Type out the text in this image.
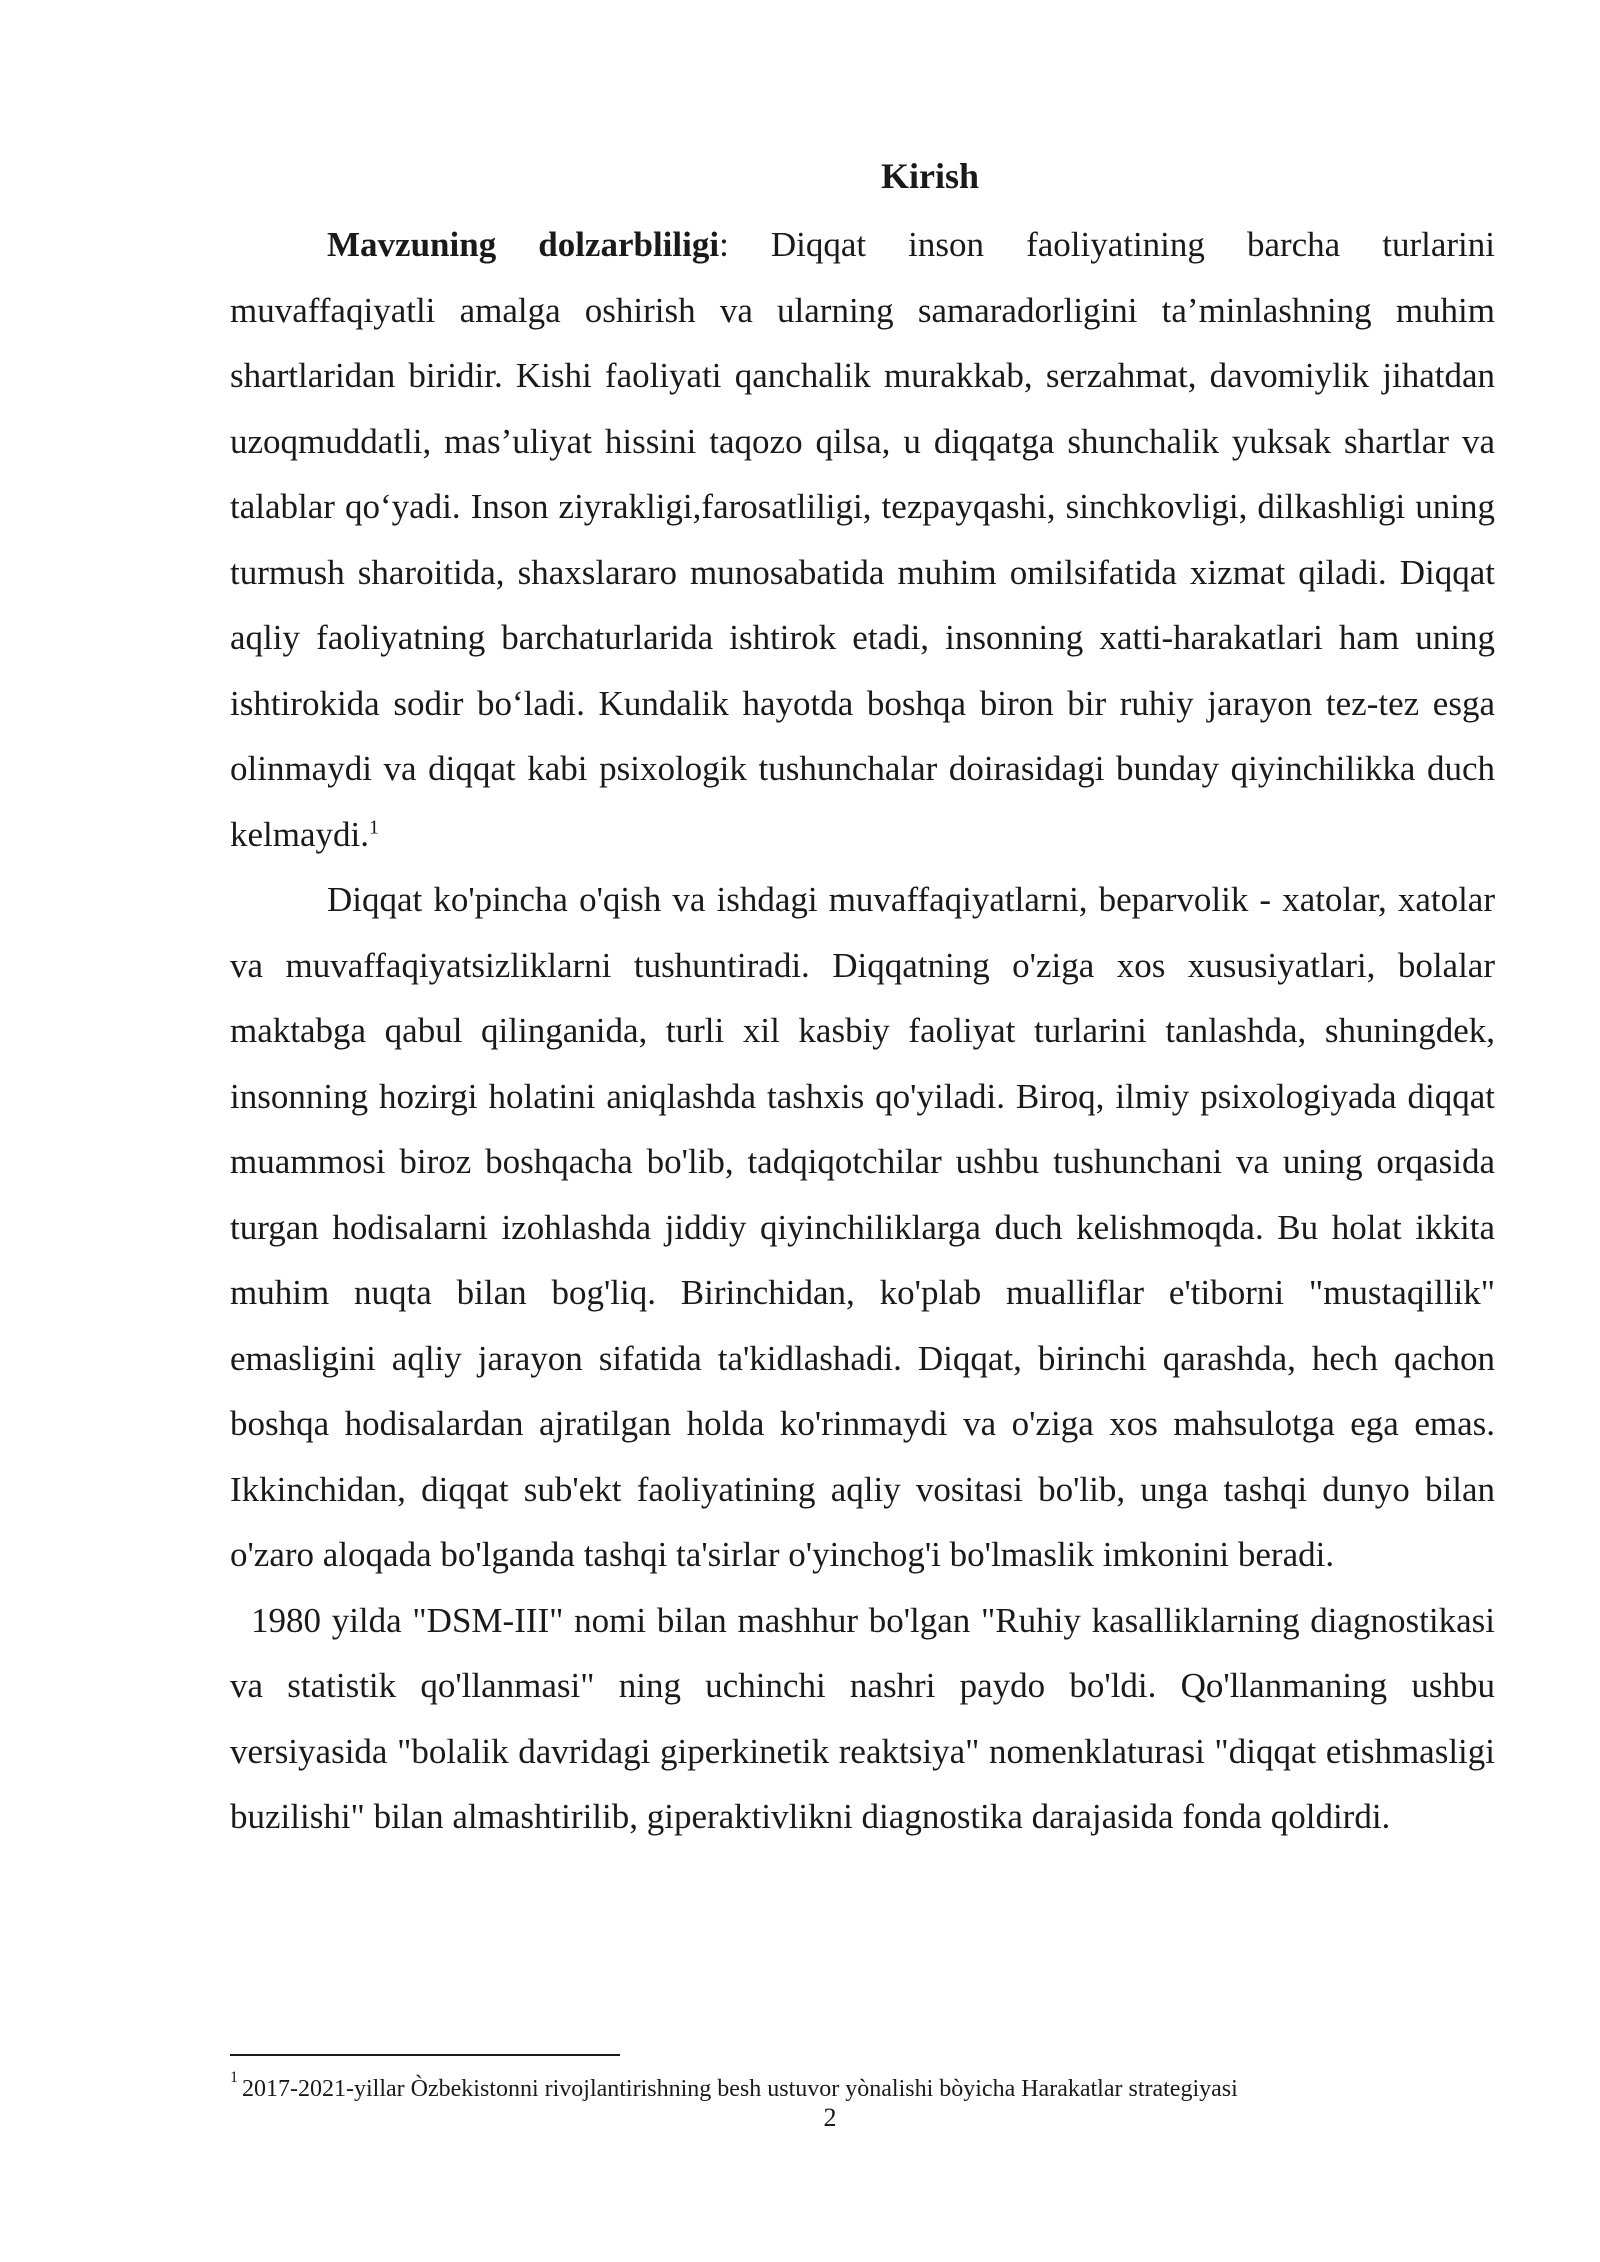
Kirish

Mavzuning dolzarbliligi: Diqqat inson faoliyatining barcha turlarini muvaffaqiyatli amalga oshirish va ularning samaradorligini ta’minlashning muhim shartlaridan biridir. Kishi faoliyati qanchalik murakkab, serzahmat, davomiylik jihatdan uzoqmuddatli, mas’uliyat hissini taqozo qilsa, u diqqatga shunchalik yuksak shartlar va talablar qo‘yadi. Inson ziyrakligi,farosatliligi, tezpayqashi, sinchkovligi, dilkashligi uning turmush sharoitida, shaxslararo munosabatida muhim omilsifatida xizmat qiladi. Diqqat aqliy faoliyatning barchaturlarida ishtirok etadi, insonning xatti-harakatlari ham uning ishtirokida sodir bo‘ladi. Kundalik hayotda boshqa biron bir ruhiy jarayon tez-tez esga olinmaydi va diqqat kabi psixologik tushunchalar doirasidagi bunday qiyinchilikka duch kelmaydi.$^1$

Diqqat ko'pincha o'qish va ishdagi muvaffaqiyatlarni, beparvolik - xatolar, xatolar va muvaffaqiyatsizliklarni tushuntiradi. Diqqatning o'ziga xos xususiyatlari, bolalar maktabga qabul qilinganida, turli xil kasbiy faoliyat turlarini tanlashda, shuningdek, insonning hozirgi holatini aniqlashda tashxis qo'yiladi. Biroq, ilmiy psixologiyada diqqat muammosi biroz boshqacha bo'lib, tadqiqotchilar ushbu tushunchani va uning orqasida turgan hodisalarni izohlashda jiddiy qiyinchiliklarga duch kelishmoqda. Bu holat ikkita muhim nuqta bilan bog'liq. Birinchidan, ko'plab mualliflar e'tiborni "mustaqillik" emasligini aqliy jarayon sifatida ta'kidlashadi. Diqqat, birinchi qarashda, hech qachon boshqa hodisalardan ajratilgan holda ko'rinmaydi va o'ziga xos mahsulotga ega emas. Ikkinchidan, diqqat sub'ekt faoliyatining aqliy vositasi bo'lib, unga tashqi dunyo bilan o'zaro aloqada bo'lganda tashqi ta'sirlar o'yinchog'i bo'lmaslik imkonini beradi.

1980 yilda "DSM-III" nomi bilan mashhur bo'lgan "Ruhiy kasalliklarning diagnostikasi va statistik qo'llanmasi" ning uchinchi nashri paydo bo'ldi. Qo'llanmaning ushbu versiyasida "bolalik davridagi giperkinetik reaktsiya" nomenklaturasi "diqqat etishmasligi buzilishi" bilan almashtirilib, giperaktivlikni diagnostika darajasida fonda qoldirdi.

$^1$ 2017-2021-yillar Òzbekistonni rivojlantirishning besh ustuvor yònalishi bòyicha Harakatlar strategiyasi
2
